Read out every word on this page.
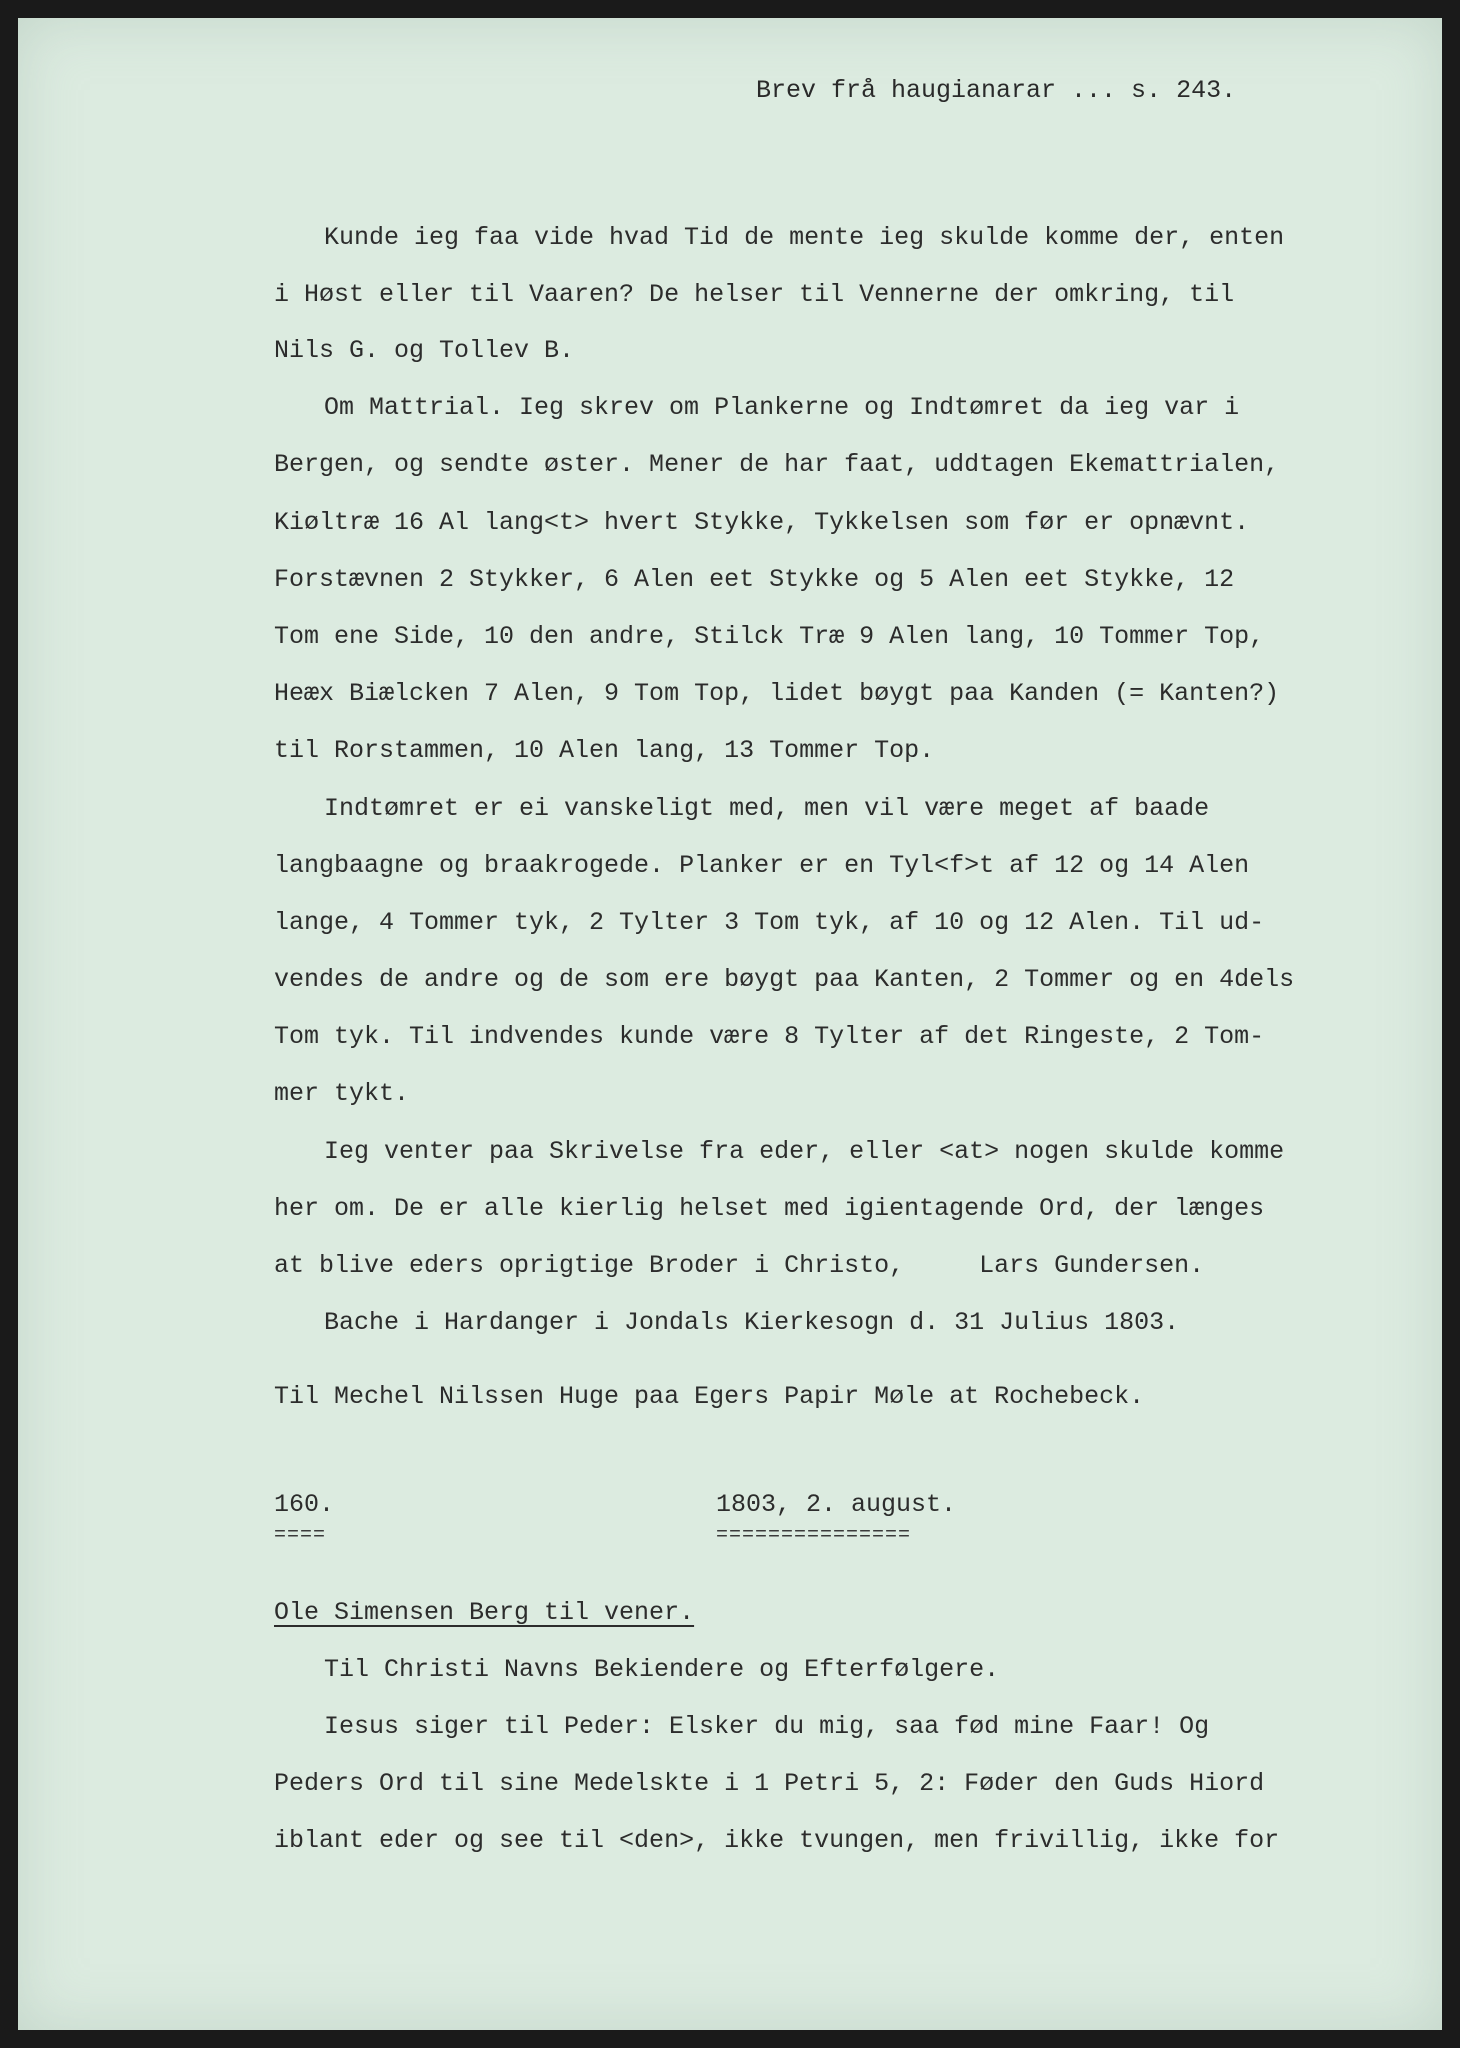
Brev frå haugianarar ... s. 243.
Kunde ieg faa vide hvad Tid de mente ieg skulde komme der, enten
i Høst eller til Vaaren? De helser til Vennerne der omkring, til
Nils G. og Tollev B.
Om Mattrial. Ieg skrev om Plankerne og Indtømret da ieg var i
Bergen, og sendte øster. Mener de har faat, uddtagen Ekemattrialen,
Kiøltræ 16 Al lang<t> hvert Stykke, Tykkelsen som før er opnævnt.
Forstævnen 2 Stykker, 6 Alen eet Stykke og 5 Alen eet Stykke, 12
Tom ene Side, 10 den andre, Stilck Træ 9 Alen lang, 10 Tommer Top,
Heæx Biælcken 7 Alen, 9 Tom Top, lidet bøygt paa Kanden (= Kanten?)
til Rorstammen, 10 Alen lang, 13 Tommer Top.
Indtømret er ei vanskeligt med, men vil være meget af baade
langbaagne og braakrogede. Planker er en Tyl<f>t af 12 og 14 Alen
lange, 4 Tommer tyk, 2 Tylter 3 Tom tyk, af 10 og 12 Alen. Til ud-
vendes de andre og de som ere bøygt paa Kanten, 2 Tommer og en 4dels
Tom tyk. Til indvendes kunde være 8 Tylter af det Ringeste, 2 Tom-
mer tykt.
Ieg venter paa Skrivelse fra eder, eller <at> nogen skulde komme
her om. De er alle kierlig helset med igientagende Ord, der længes
at blive eders oprigtige Broder i Christo,     Lars Gundersen.
Bache i Hardanger i Jondals Kierkesogn d. 31 Julius 1803.
Til Mechel Nilssen Huge paa Egers Papir Møle at Rochebeck.
160.
====
1803, 2. august.
===============
Ole Simensen Berg til vener.
Til Christi Navns Bekiendere og Efterfølgere.
Iesus siger til Peder: Elsker du mig, saa fød mine Faar! Og
Peders Ord til sine Medelskte i 1 Petri 5, 2: Føder den Guds Hiord
iblant eder og see til <den>, ikke tvungen, men frivillig, ikke for
